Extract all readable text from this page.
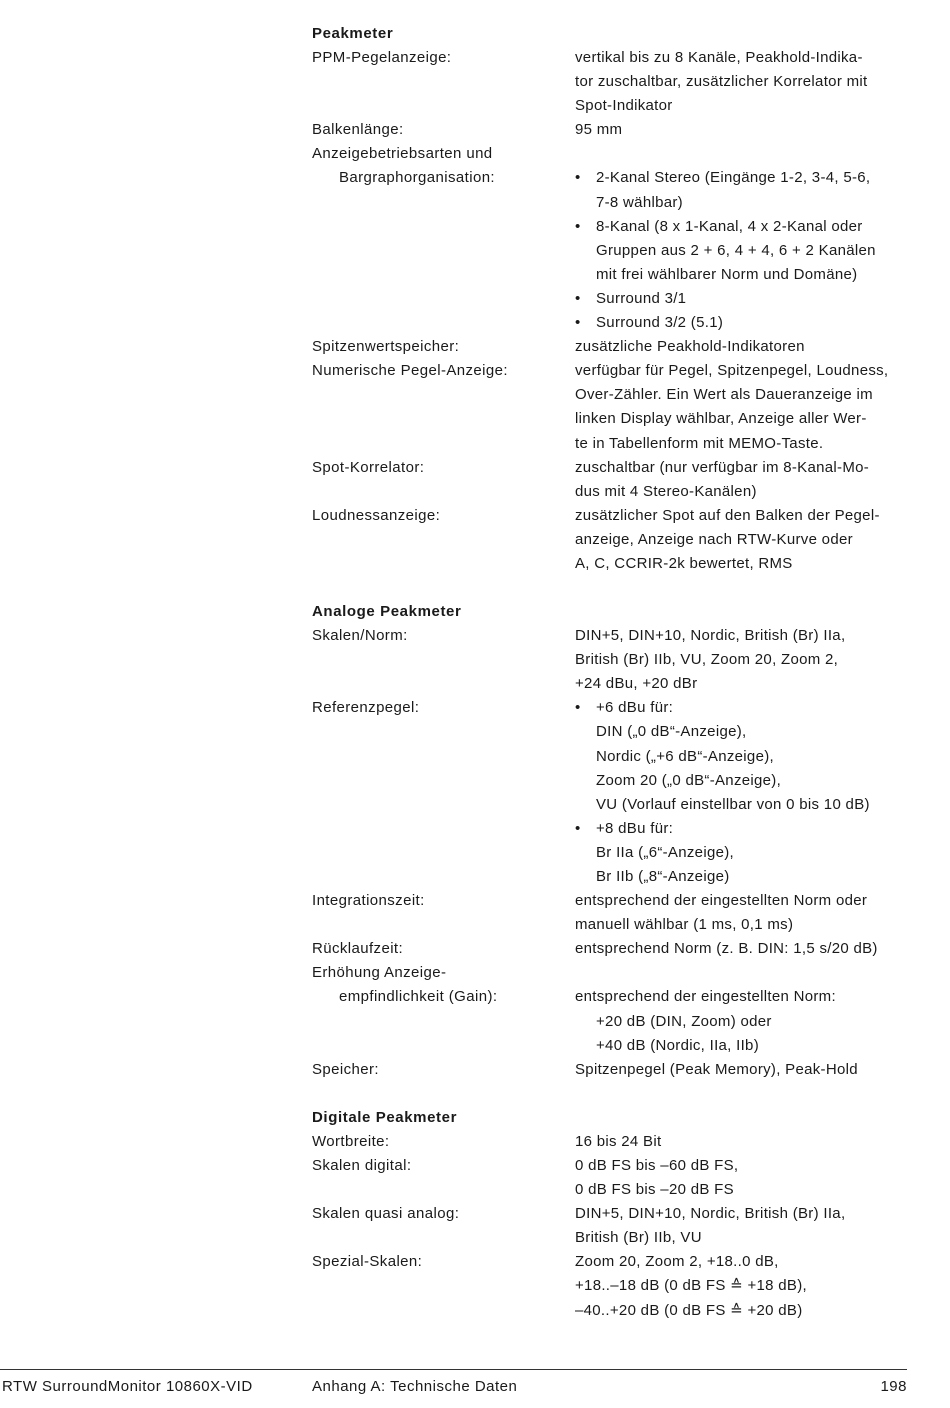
Peakmeter
PPM-Pegelanzeige:	vertikal bis zu 8 Kanäle, Peakhold-Indika-
tor zuschaltbar, zusätzlicher Korrelator mit
Spot-Indikator
Balkenlänge:	95 mm
Anzeigebetriebsarten und
Bargraphorganisation:
	• 2-Kanal Stereo (Eingänge 1-2, 3-4, 5-6,
7-8 wählbar)
• 8-Kanal (8 x 1-Kanal, 4 x 2-Kanal oder
Gruppen aus 2 + 6, 4 + 4, 6 + 2 Kanälen
mit frei wählbarer Norm und Domäne)
• Surround 3/1
• Surround 3/2 (5.1)
Spitzenwertspeicher:	zusätzliche Peakhold-Indikatoren
Numerische Pegel-Anzeige:	verfügbar für Pegel, Spitzenpegel, Loudness,
Over-Zähler. Ein Wert als Daueranzeige im
linken Display wählbar, Anzeige aller Wer-
te in Tabellenform mit MEMO-Taste.
Spot-Korrelator:	zuschaltbar (nur verfügbar im 8-Kanal-Mo-
dus mit 4 Stereo-Kanälen)
Loudnessanzeige:	zusätzlicher Spot auf den Balken der Pegel-
anzeige, Anzeige nach RTW-Kurve oder
A, C, CCRIR-2k bewertet, RMS
Analoge Peakmeter
Skalen/Norm:	DIN+5, DIN+10, Nordic, British (Br) IIa,
British (Br) IIb, VU, Zoom 20, Zoom 2,
+24 dBu, +20 dBr
Referenzpegel:	• +6 dBu für:
DIN („0 dB“-Anzeige),
Nordic („+6 dB“-Anzeige),
Zoom 20 („0 dB“-Anzeige),
VU (Vorlauf einstellbar von 0 bis 10 dB)
• +8 dBu für:
Br IIa („6“-Anzeige),
Br IIb („8“-Anzeige)
Integrationszeit:	entsprechend der eingestellten Norm oder
manuell wählbar (1 ms, 0,1 ms)
Rücklaufzeit:	entsprechend Norm (z. B. DIN: 1,5 s/20 dB)
Erhöhung Anzeige-
empfindlichkeit (Gain):
	entsprechend der eingestellten Norm:
+20 dB (DIN, Zoom) oder
+40 dB (Nordic, IIa, IIb)
Speicher:	Spitzenpegel (Peak Memory), Peak-Hold
Digitale Peakmeter
Wortbreite:	16 bis 24 Bit
Skalen digital:	0 dB FS bis –60 dB FS,
0 dB FS bis –20 dB FS
Skalen quasi analog:	DIN+5, DIN+10, Nordic, British (Br) IIa,
British (Br) IIb, VU
Spezial-Skalen:	Zoom 20, Zoom 2, +18..0 dB,
+18..–18 dB (0 dB FS ≙ +18 dB),
–40..+20 dB (0 dB FS ≙ +20 dB)
RTW SurroundMonitor 10860X-VID	Anhang A: Technische Daten	198
